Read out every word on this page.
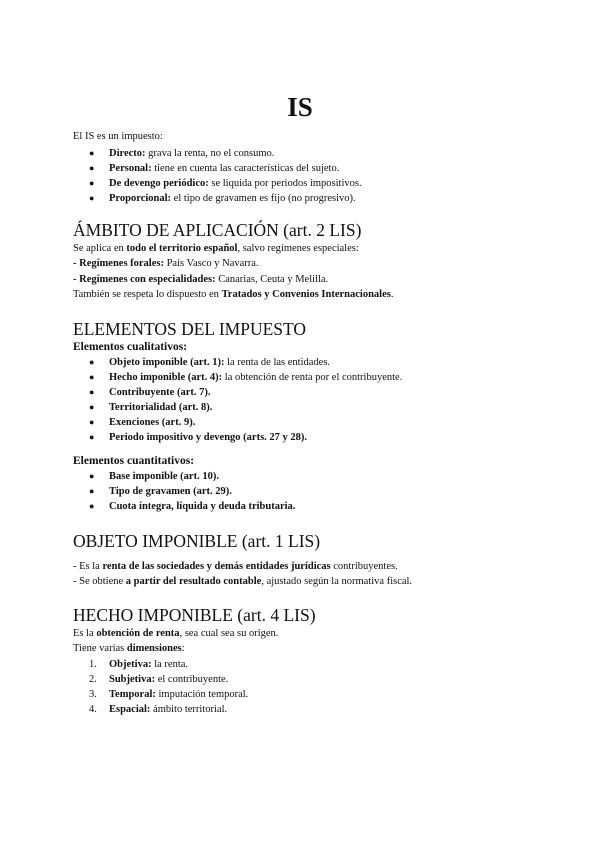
IS

El IS es un impuesto:

● Directo: grava la renta, no el consumo.
● Personal: tiene en cuenta las características del sujeto.
● De devengo periódico: se liquida por periodos impositivos.
● Proporcional: el tipo de gravamen es fijo (no progresivo).
ÁMBITO DE APLICACIÓN (art. 2 LIS)

Se aplica en todo el territorio español, salvo regímenes especiales:

- Regímenes forales: País Vasco y Navarra.

- Regímenes con especialidades: Canarias, Ceuta y Melilla.

También se respeta lo dispuesto en Tratados y Convenios Internacionales.

ELEMENTOS DEL IMPUESTO
Elementos cualitativos:
● Objeto imponible (art. 1): la renta de las entidades.
● Hecho imponible (art. 4): la obtención de renta por el contribuyente.
● Contribuyente (art. 7).
● Territorialidad (art. 8).
● Exenciones (art. 9).
● Periodo impositivo y devengo (arts. 27 y 28).
Elementos cuantitativos:
● Base imponible (art. 10).
● Tipo de gravamen (art. 29).
● Cuota íntegra, líquida y deuda tributaria.
OBJETO IMPONIBLE (art. 1 LIS)

- Es la renta de las sociedades y demás entidades jurídicas contribuyentes.

- Se obtiene a partir del resultado contable, ajustado según la normativa fiscal.

HECHO IMPONIBLE (art. 4 LIS)

Es la obtención de renta, sea cual sea su origen.

Tiene varias dimensiones:

1. Objetiva: la renta.
2. Subjetiva: el contribuyente.
3. Temporal: imputación temporal.
4. Espacial: ámbito territorial.
